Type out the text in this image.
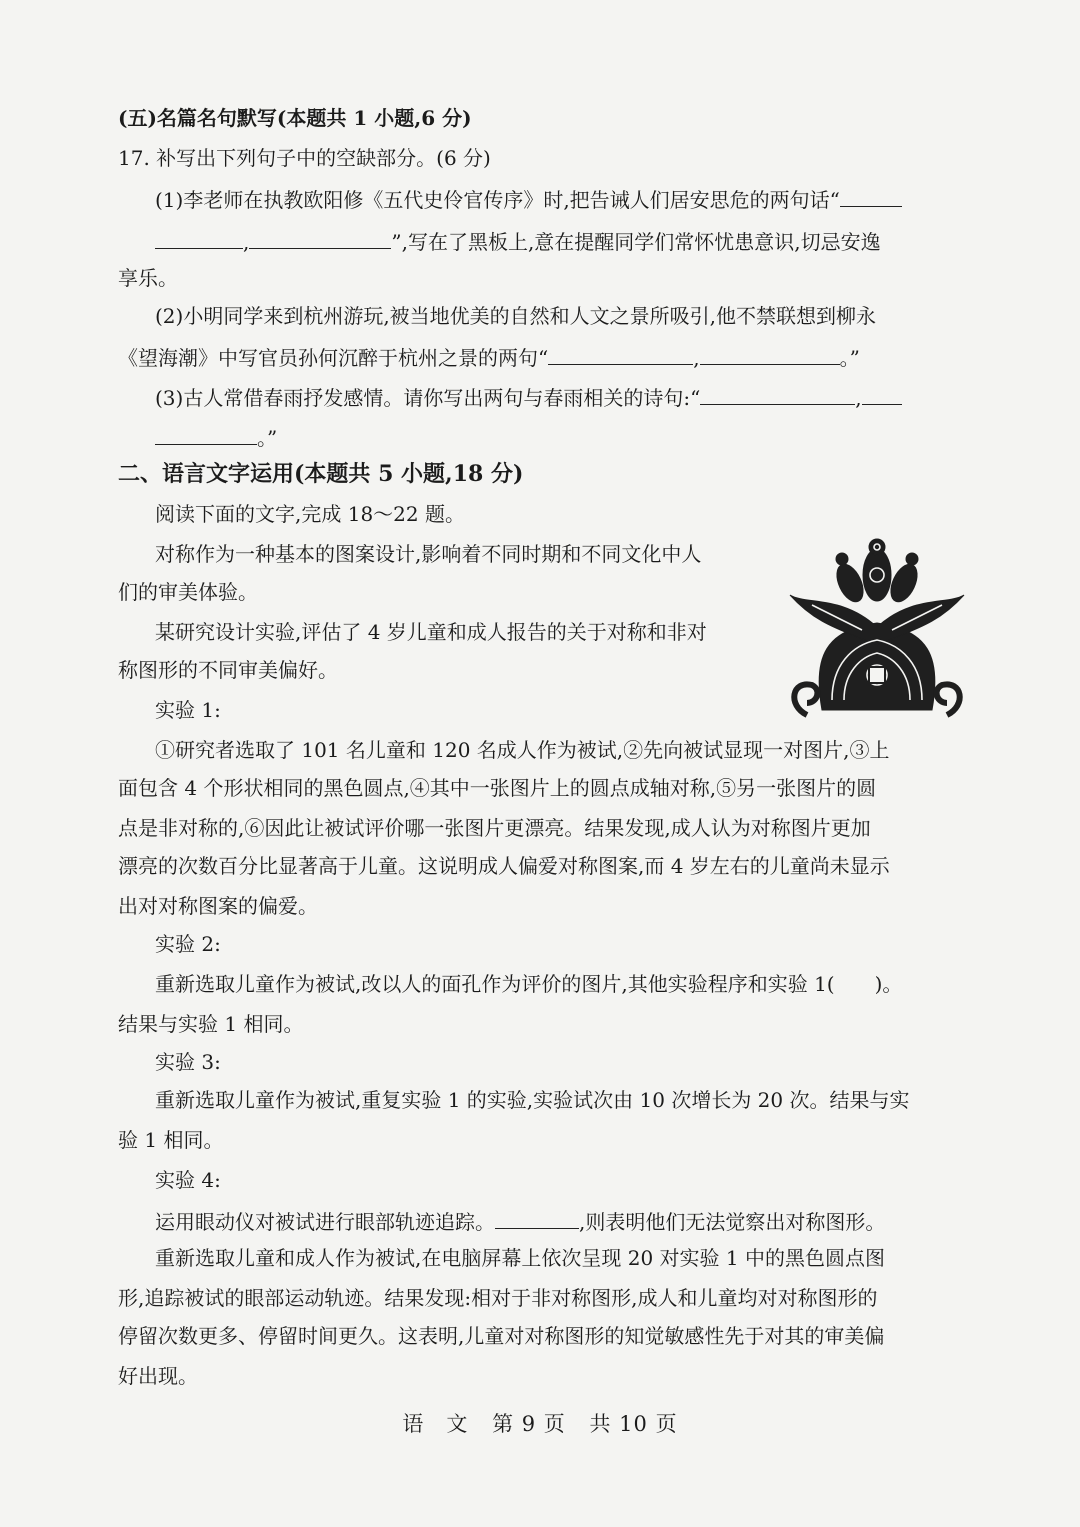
(五)名篇名句默写(本题共 1 小题,6 分)
17. 补写出下列句子中的空缺部分。(6 分)
(1)李老师在执教欧阳修《五代史伶官传序》时,把告诫人们居安思危的两句话“
,	”,写在了黑板上,意在提醒同学们常怀忧患意识,切忌安逸
享乐。
(2)小明同学来到杭州游玩,被当地优美的自然和人文之景所吸引,他不禁联想到柳永
《望海潮》中写官员孙何沉醉于杭州之景的两句“	,	。”
(3)古人常借春雨抒发感情。请你写出两句与春雨相关的诗句:“	,
。”
二、语言文字运用(本题共 5 小题,18 分)
阅读下面的文字,完成 18～22 题。
对称作为一种基本的图案设计,影响着不同时期和不同文化中人
们的审美体验。
某研究设计实验,评估了 4 岁儿童和成人报告的关于对称和非对
称图形的不同审美偏好。
实验 1:
①研究者选取了 101 名儿童和 120 名成人作为被试,②先向被试显现一对图片,③上
面包含 4 个形状相同的黑色圆点,④其中一张图片上的圆点成轴对称,⑤另一张图片的圆
点是非对称的,⑥因此让被试评价哪一张图片更漂亮。结果发现,成人认为对称图片更加
漂亮的次数百分比显著高于儿童。这说明成人偏爱对称图案,而 4 岁左右的儿童尚未显示
出对对称图案的偏爱。
实验 2:
重新选取儿童作为被试,改以人的面孔作为评价的图片,其他实验程序和实验 1(　　)。
结果与实验 1 相同。
实验 3:
重新选取儿童作为被试,重复实验 1 的实验,实验试次由 10 次增长为 20 次。结果与实
验 1 相同。
实验 4:
运用眼动仪对被试进行眼部轨迹追踪。	,则表明他们无法觉察出对称图形。
重新选取儿童和成人作为被试,在电脑屏幕上依次呈现 20 对实验 1 中的黑色圆点图
形,追踪被试的眼部运动轨迹。结果发现:相对于非对称图形,成人和儿童均对对称图形的
停留次数更多、停留时间更久。这表明,儿童对对称图形的知觉敏感性先于对其的审美偏
好出现。
语　文 第 9 页 共 10 页
